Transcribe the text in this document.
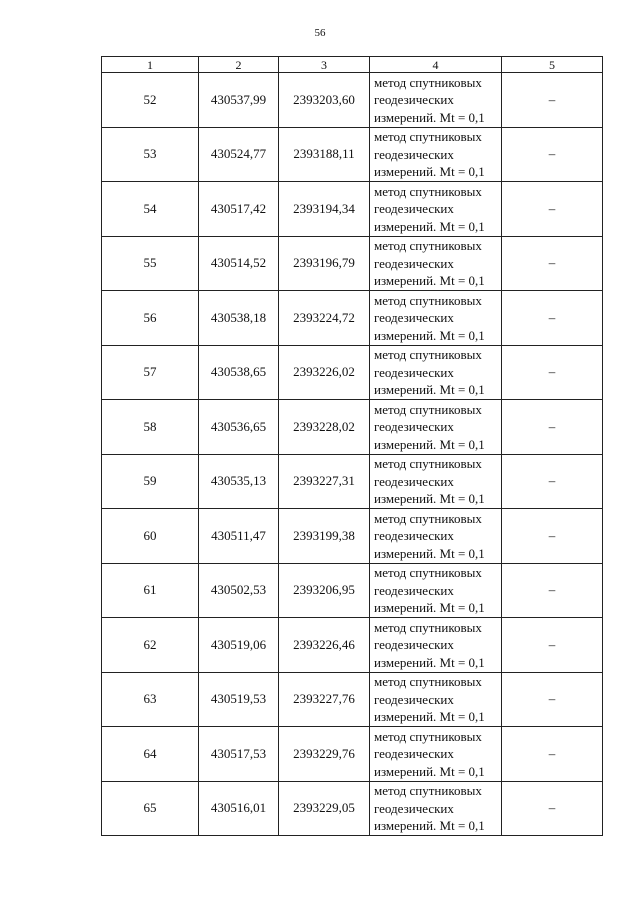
56
1	2	3	4	5
52	430537,99	2393203,60	метод спутниковых
геодезических
измерений. Mt = 0,1	–
53	430524,77	2393188,11	метод спутниковых
геодезических
измерений. Mt = 0,1	–
54	430517,42	2393194,34	метод спутниковых
геодезических
измерений. Mt = 0,1	–
55	430514,52	2393196,79	метод спутниковых
геодезических
измерений. Mt = 0,1	–
56	430538,18	2393224,72	метод спутниковых
геодезических
измерений. Mt = 0,1	–
57	430538,65	2393226,02	метод спутниковых
геодезических
измерений. Mt = 0,1	–
58	430536,65	2393228,02	метод спутниковых
геодезических
измерений. Mt = 0,1	–
59	430535,13	2393227,31	метод спутниковых
геодезических
измерений. Mt = 0,1	–
60	430511,47	2393199,38	метод спутниковых
геодезических
измерений. Mt = 0,1	–
61	430502,53	2393206,95	метод спутниковых
геодезических
измерений. Mt = 0,1	–
62	430519,06	2393226,46	метод спутниковых
геодезических
измерений. Mt = 0,1	–
63	430519,53	2393227,76	метод спутниковых
геодезических
измерений. Mt = 0,1	–
64	430517,53	2393229,76	метод спутниковых
геодезических
измерений. Mt = 0,1	–
65	430516,01	2393229,05	метод спутниковых
геодезических
измерений. Mt = 0,1	–
